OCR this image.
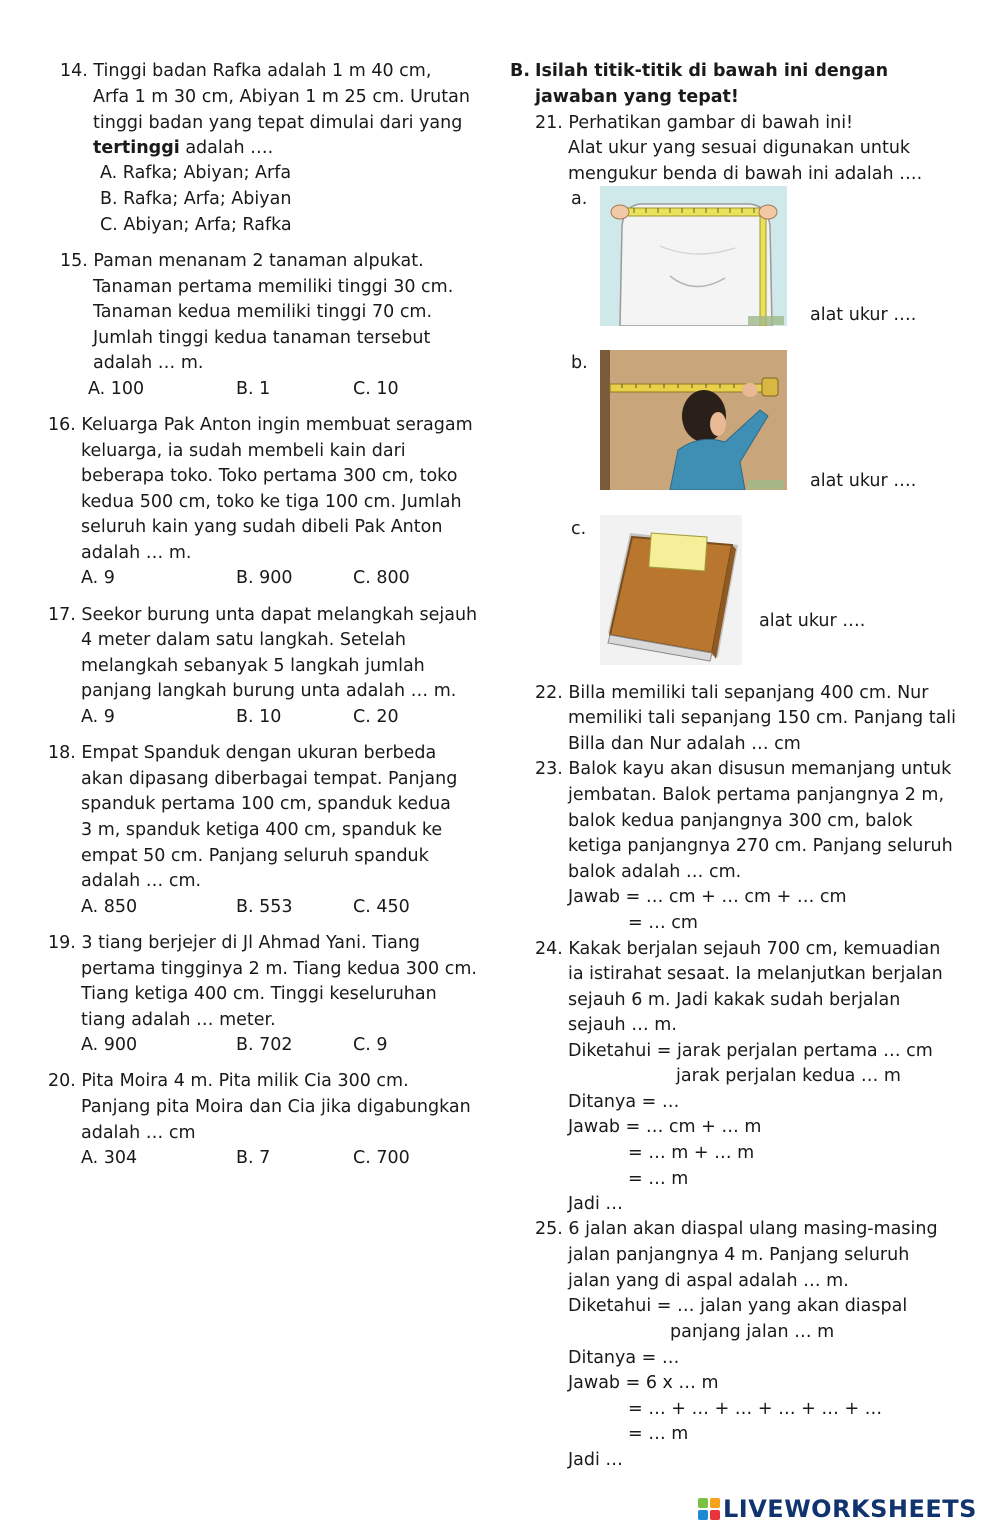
14. Tinggi badan Rafka adalah 1 m 40 cm,
Arfa 1 m 30 cm, Abiyan 1 m 25 cm. Urutan
tinggi badan yang tepat dimulai dari yang
tertinggi adalah ….
A. Rafka; Abiyan; Arfa
B. Rafka; Arfa; Abiyan
C. Abiyan; Arfa; Rafka
15. Paman menanam 2 tanaman alpukat.
Tanaman pertama memiliki tinggi 30 cm.
Tanaman kedua memiliki tinggi 70 cm.
Jumlah tinggi kedua tanaman tersebut
adalah … m.
A. 100	B. 1	C. 10
16. Keluarga Pak Anton ingin membuat seragam
keluarga, ia sudah membeli kain dari
beberapa toko. Toko pertama 300 cm, toko
kedua 500 cm, toko ke tiga 100 cm. Jumlah
seluruh kain yang sudah dibeli Pak Anton
adalah … m.
A. 9	B. 900	C. 800
17. Seekor burung unta dapat melangkah sejauh
4 meter dalam satu langkah. Setelah
melangkah sebanyak 5 langkah jumlah
panjang langkah burung unta adalah … m.
A. 9	B. 10	C. 20
18. Empat Spanduk dengan ukuran berbeda
akan dipasang diberbagai tempat. Panjang
spanduk pertama 100 cm, spanduk kedua
3 m, spanduk ketiga 400 cm, spanduk ke
empat 50 cm. Panjang seluruh spanduk
adalah … cm.
A. 850	B. 553	C. 450
19. 3 tiang berjejer di Jl Ahmad Yani. Tiang
pertama tingginya 2 m. Tiang kedua 300 cm.
Tiang ketiga 400 cm. Tinggi keseluruhan
tiang adalah … meter.
A. 900	B. 702	C. 9
20. Pita Moira 4 m. Pita milik Cia 300 cm.
Panjang pita Moira dan Cia jika digabungkan
adalah … cm
A. 304	B. 7	C. 700
B. Isilah titik-titik di bawah ini dengan
jawaban yang tepat!
21. Perhatikan gambar di bawah ini!
Alat ukur yang sesuai digunakan untuk
mengukur benda di bawah ini adalah ….
a.
alat ukur ….
b.
alat ukur ….
c.
alat ukur ….
22. Billa memiliki tali sepanjang 400 cm. Nur
memiliki tali sepanjang 150 cm. Panjang tali
Billa dan Nur adalah … cm
23. Balok kayu akan disusun memanjang untuk
jembatan. Balok pertama panjangnya 2 m,
balok kedua panjangnya 300 cm, balok
ketiga panjangnya 270 cm. Panjang seluruh
balok adalah … cm.
Jawab = … cm + … cm + … cm
= … cm
24. Kakak berjalan sejauh 700 cm, kemuadian
ia istirahat sesaat. Ia melanjutkan berjalan
sejauh 6 m. Jadi kakak sudah berjalan
sejauh … m.
Diketahui = jarak perjalan pertama … cm
jarak perjalan kedua … m
Ditanya = …
Jawab = … cm + … m
= … m + … m
= … m
Jadi …
25. 6 jalan akan diaspal ulang masing-masing
jalan panjangnya 4 m. Panjang seluruh
jalan yang di aspal adalah … m.
Diketahui = … jalan yang akan diaspal
panjang jalan … m
Ditanya = …
Jawab = 6 x … m
= … + … + … + … + … + …
= … m
Jadi …
LIVEWORKSHEETS
